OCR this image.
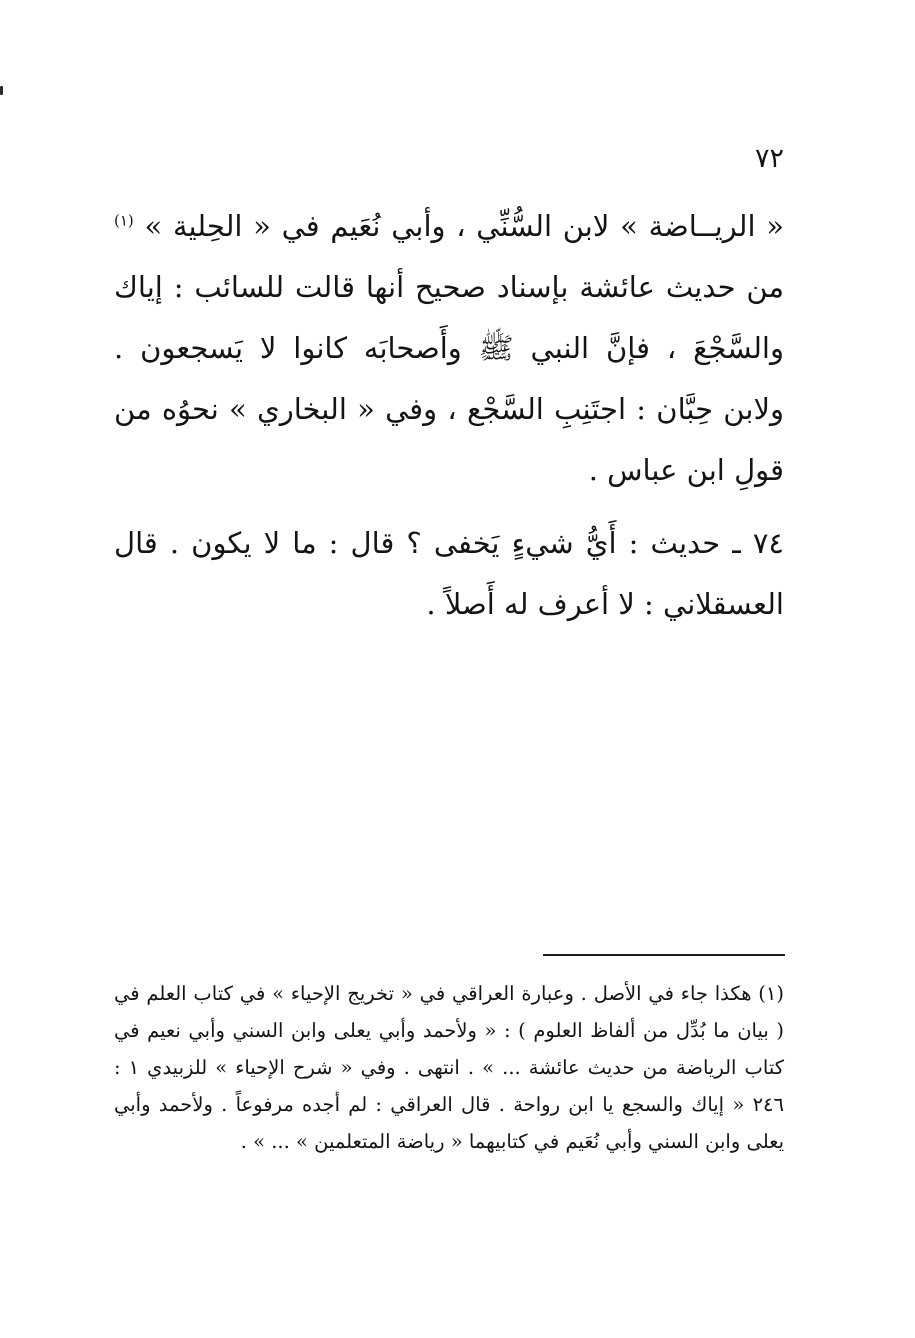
٧٢

« الريــاضة » لابن السُّنِّي ، وأبي نُعَيم في « الحِلية » $^{(١)}$ من حديث عائشة بإسناد صحيح أنها قالت للسائب : إياك والسَّجْعَ ، فإنَّ النبي ﷺ وأَصحابَه كانوا لا يَسجعون . ولابن حِبَّان : اجتَنِبِ السَّجْع ، وفي « البخاري » نحوُه من قولِ ابن عباس .

٧٤ ـ حديث : أَيُّ شيءٍ يَخفى ؟ قال : ما لا يكون . قال العسقلاني : لا أعرف له أَصلاً .

(١) هكذا جاء في الأصل . وعبارة العراقي في « تخريج الإحياء » في كتاب العلم في ( بيان ما بُدِّل من ألفاظ العلوم ) : « ولأحمد وأبي يعلى وابن السني وأبي نعيم في كتاب الرياضة من حديث عائشة ... » . انتهى . وفي « شرح الإحياء » للزبيدي ١ : ٢٤٦ « إياك والسجع يا ابن رواحة . قال العراقي : لم أجده مرفوعاً . ولأحمد وأبي يعلى وابن السني وأبي نُعَيم في كتابيهما « رياضة المتعلمين » ... » .
